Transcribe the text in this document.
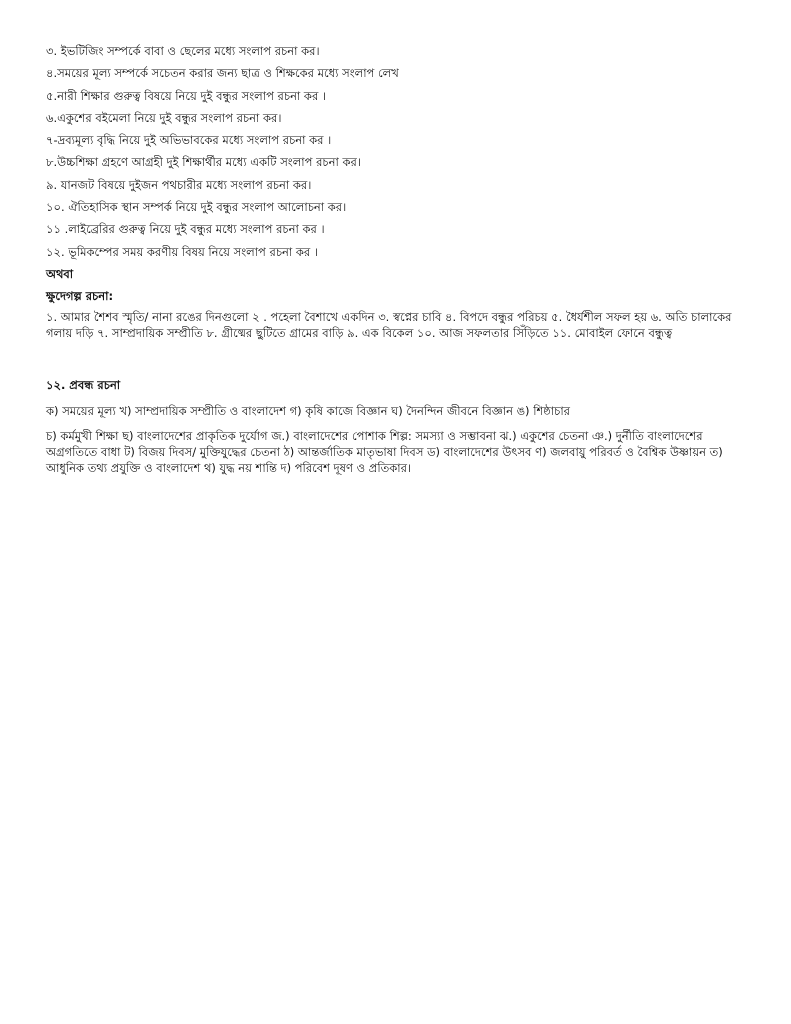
৩. ইভটিজিং সম্পর্কে বাবা ও ছেলের মধ্যে সংলাপ রচনা কর।

৪.সময়ের মূল্য সম্পর্কে সচেতন করার জন্য ছাত্র ও শিক্ষকের মধ্যে সংলাপ লেখ

৫.নারী শিক্ষার গুরুত্ব বিষয়ে নিয়ে দুই বন্ধুর সংলাপ রচনা কর ।

৬.একুশের বইমেলা নিয়ে দুই বন্ধুর সংলাপ রচনা কর।

৭-দ্রব্যমূল্য বৃদ্ধি নিয়ে দুই অভিভাবকের মধ্যে সংলাপ রচনা কর ।

৮.উচ্চশিক্ষা গ্রহণে আগ্রহী দুই শিক্ষার্থীর মধ্যে একটি সংলাপ রচনা কর।

৯. যানজট বিষয়ে দুইজন পথচারীর মধ্যে সংলাপ রচনা কর।

১০. ঐতিহাসিক স্থান সম্পর্ক নিয়ে দুই বন্ধুর সংলাপ আলোচনা কর।

১১ .লাইব্রেরির গুরুত্ব নিয়ে দুই বন্ধুর মধ্যে সংলাপ রচনা কর ।

১২. ভূমিকম্পের সময় করণীয় বিষয় নিয়ে সংলাপ রচনা কর ।

অথবা

ক্ষুদেগল্প রচনা:

১. আমার শৈশব স্মৃতি/ নানা রঙের দিনগুলো ২ . পহেলা বৈশাখে একদিন ৩. স্বপ্নের চাবি ৪. বিপদে বন্ধুর পরিচয় ৫. ধৈর্যশীল সফল হয় ৬. অতি চালাকের গলায় দড়ি ৭. সাম্প্রদায়িক সম্প্রীতি ৮. গ্রীষ্মের ছুটিতে গ্রামের বাড়ি ৯. এক বিকেল ১০. আজ সফলতার সিঁড়িতে ১১. মোবাইল ফোনে বন্ধুত্ব

১২. প্রবন্ধ রচনা

ক) সময়ের মূল্য খ) সাম্প্রদায়িক সম্প্রীতি ও বাংলাদেশ গ) কৃষি কাজে বিজ্ঞান ঘ) দৈনন্দিন জীবনে বিজ্ঞান ঙ) শিষ্ঠাচার

চ) কর্মমুখী শিক্ষা ছ) বাংলাদেশের প্রাকৃতিক দুর্যোগ জ.) বাংলাদেশের পোশাক শিল্প: সমস্যা ও সম্ভাবনা ঝ.) একুশের চেতনা ঞ.) দুর্নীতি বাংলাদেশের অগ্রগতিতে বাধা ট) বিজয় দিবস/ মুক্তিযুদ্ধের চেতনা ঠ) আন্তর্জাতিক মাতৃভাষা দিবস ড) বাংলাদেশের উৎসব ণ) জলবায়ু পরিবর্ত ও বৈশ্বিক উষ্ণায়ন ত) আধুনিক তথ্য প্রযুক্তি ও বাংলাদেশ থ) যুদ্ধ নয় শান্তি দ) পরিবেশ দূষণ ও প্রতিকার।
